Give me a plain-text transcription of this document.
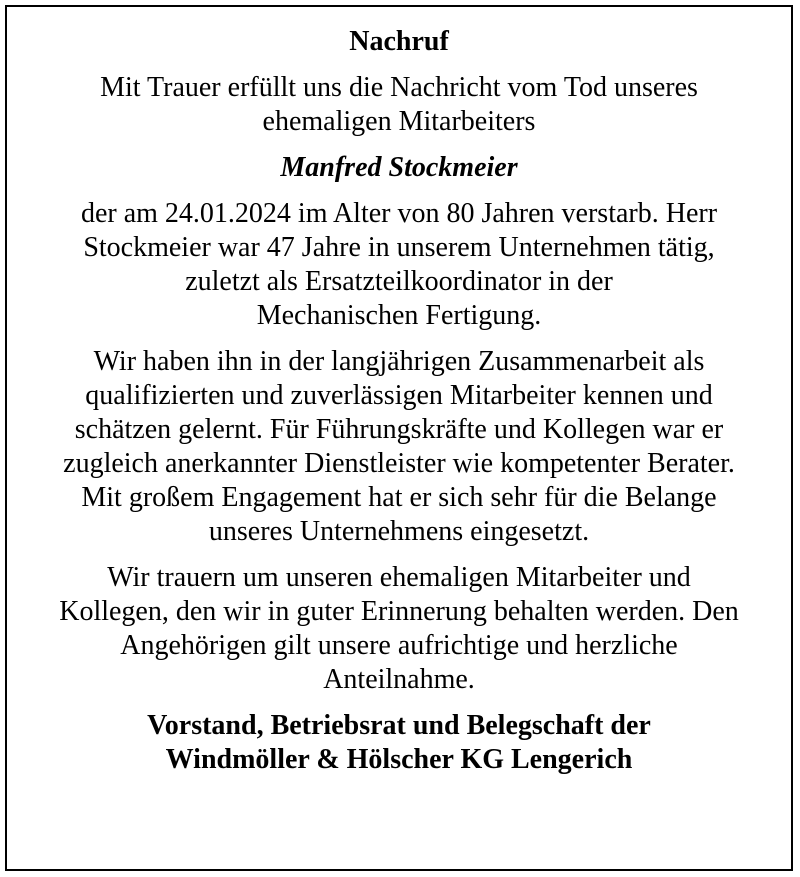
Nachruf

Mit Trauer erfüllt uns die Nachricht vom Tod unseres
ehemaligen Mitarbeiters

Manfred Stockmeier

der am 24.01.2024 im Alter von 80 Jahren verstarb. Herr
Stockmeier war 47 Jahre in unserem Unternehmen tätig,
zuletzt als Ersatzteilkoordinator in der
Mechanischen Fertigung.

Wir haben ihn in der langjährigen Zusammenarbeit als
qualifizierten und zuverlässigen Mitarbeiter kennen und
schätzen gelernt. Für Führungskräfte und Kollegen war er
zugleich anerkannter Dienstleister wie kompetenter Berater.
Mit großem Engagement hat er sich sehr für die Belange
unseres Unternehmens eingesetzt.

Wir trauern um unseren ehemaligen Mitarbeiter und
Kollegen, den wir in guter Erinnerung behalten werden. Den
Angehörigen gilt unsere aufrichtige und herzliche
Anteilnahme.

Vorstand, Betriebsrat und Belegschaft der
Windmöller & Hölscher KG Lengerich
